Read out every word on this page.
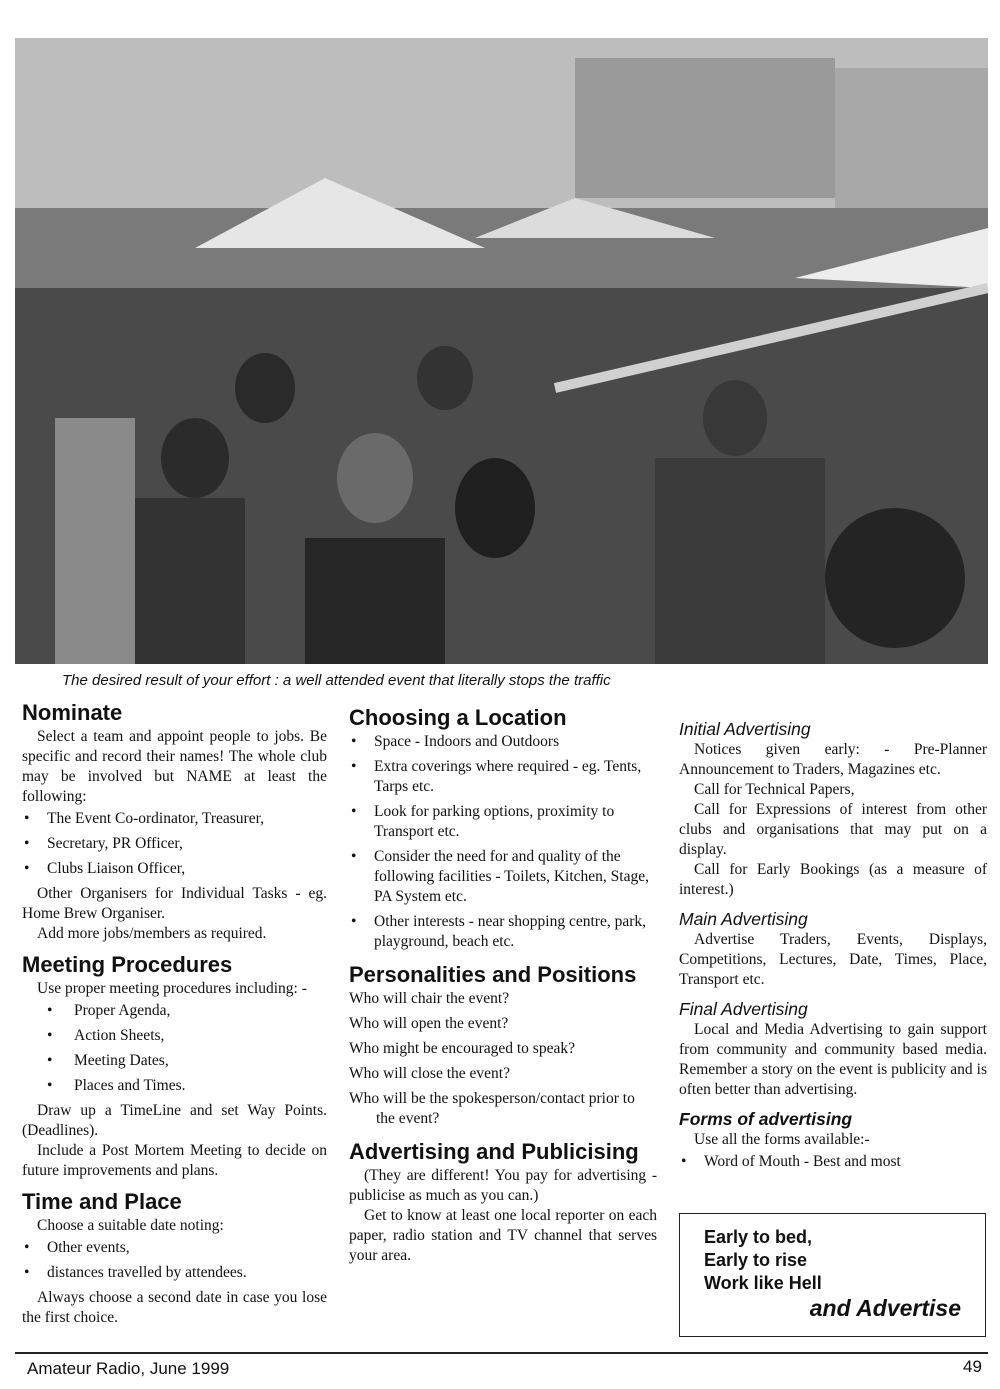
The desired result of your effort : a well attended event that literally stops the traffic
Nominate

Select a team and appoint people to jobs. Be specific and record their names! The whole club may be involved but NAME at least the following:

• The Event Co-ordinator, Treasurer,
• Secretary, PR Officer,
• Clubs Liaison Officer,

Other Organisers for Individual Tasks - eg. Home Brew Organiser.

Add more jobs/members as required.

Meeting Procedures

Use proper meeting procedures including: -

• Proper Agenda,
• Action Sheets,
• Meeting Dates,
• Places and Times.

Draw up a TimeLine and set Way Points. (Deadlines).

Include a Post Mortem Meeting to decide on future improvements and plans.

Time and Place

Choose a suitable date noting:

• Other events,
• distances travelled by attendees.

Always choose a second date in case you lose the first choice.

Choosing a Location
• Space - Indoors and Outdoors
• Extra coverings where required - eg. Tents, Tarps etc.
• Look for parking options, proximity to Transport etc.
• Consider the need for and quality of the following facilities - Toilets, Kitchen, Stage, PA System etc.
• Other interests - near shopping centre, park, playground, beach etc.
Personalities and Positions

Who will chair the event?

Who will open the event?

Who might be encouraged to speak?

Who will close the event?

Who will be the spokesperson/contact prior to the event?

Advertising and Publicising

(They are different! You pay for advertising - publicise as much as you can.)

Get to know at least one local reporter on each paper, radio station and TV channel that serves your area.

Initial Advertising

Notices given early: - Pre-Planner Announcement to Traders, Magazines etc.

Call for Technical Papers,

Call for Expressions of interest from other clubs and organisations that may put on a display.

Call for Early Bookings (as a measure of interest.)

Main Advertising

Advertise Traders, Events, Displays, Competitions, Lectures, Date, Times, Place, Transport etc.

Final Advertising

Local and Media Advertising to gain support from community and community based media. Remember a story on the event is publicity and is often better than advertising.

Forms of advertising

Use all the forms available:-

• Word of Mouth - Best and most
Early to bed,
Early to rise
Work like Hell
and Advertise
Amateur Radio, June 1999	49
